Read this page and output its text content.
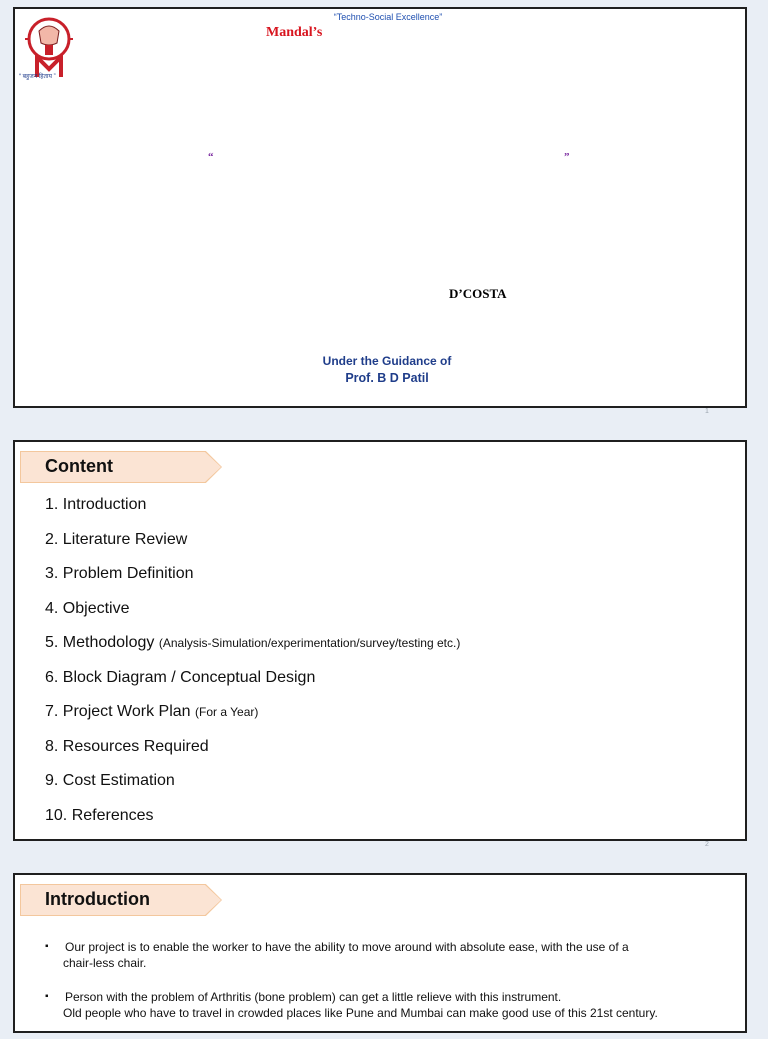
“ बहुजन हिताय ”
“Techno-Social Excellence”
Mandal’s
“	”
D’COSTA
Under the Guidance of
Prof. B D Patil
1
Content
1. Introduction
2. Literature Review
3. Problem Definition
4. Objective
5. Methodology (Analysis-Simulation/experimentation/survey/testing etc.)
6. Block Diagram / Conceptual Design
7. Project Work Plan (For a Year)
8. Resources Required
9. Cost Estimation
10. References
2
Introduction
▪ Our project is to enable the worker to have the ability to move around with absolute ease, with the use of a
chair-less chair.
▪ Person with the problem of Arthritis (bone problem) can get a little relieve with this instrument.
Old people who have to travel in crowded places like Pune and Mumbai can make good use of this 21st century.
